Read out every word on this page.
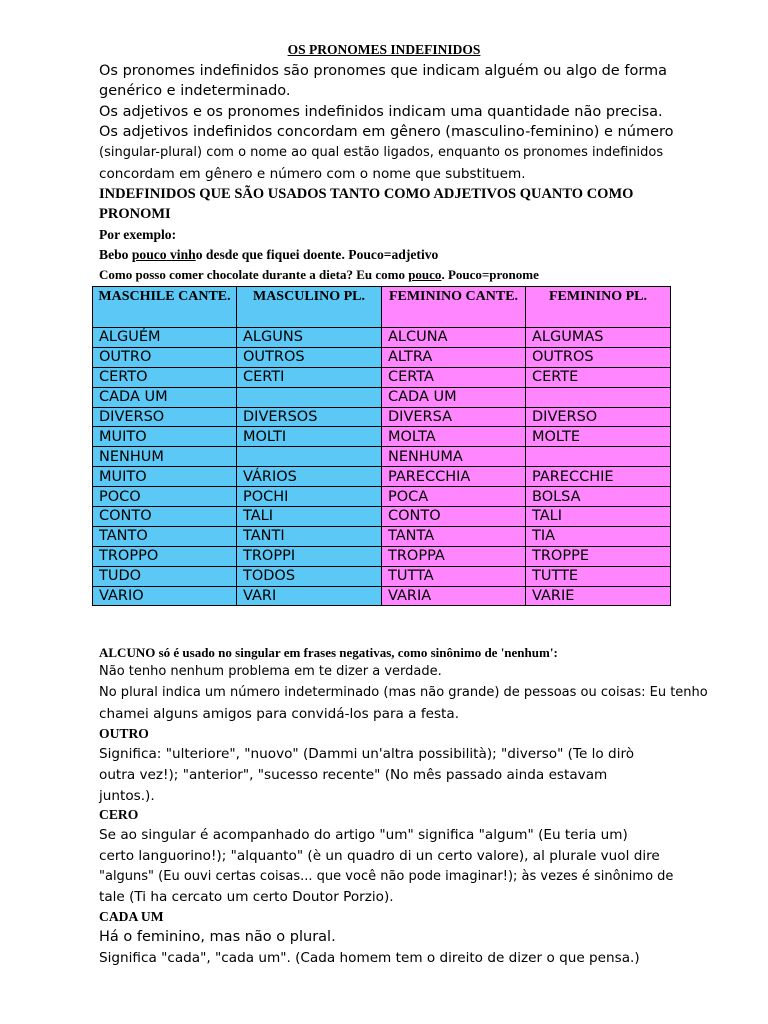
OS PRONOMES INDEFINIDOS
Os pronomes indefinidos são pronomes que indicam alguém ou algo de forma
genérico e indeterminado.
Os adjetivos e os pronomes indefinidos indicam uma quantidade não precisa.
Os adjetivos indefinidos concordam em gênero (masculino-feminino) e número
(singular-plural) com o nome ao qual estão ligados, enquanto os pronomes indefinidos
concordam em gênero e número com o nome que substituem.
INDEFINIDOS QUE SÃO USADOS TANTO COMO ADJETIVOS QUANTO COMO
PRONOMI
Por exemplo:
Bebo pouco vinho desde que fiquei doente. Pouco=adjetivo
Como posso comer chocolate durante a dieta? Eu como pouco. Pouco=pronome
MASCHILE CANTE.	MASCULINO PL.	FEMININO CANTE.	FEMININO PL.
ALGUÉM	ALGUNS	ALCUNA	ALGUMAS
OUTRO	OUTROS	ALTRA	OUTROS
CERTO	CERTI	CERTA	CERTE
CADA UM		CADA UM	
DIVERSO	DIVERSOS	DIVERSA	DIVERSO
MUITO	MOLTI	MOLTA	MOLTE
NENHUM		NENHUMA	
MUITO	VÁRIOS	PARECCHIA	PARECCHIE
POCO	POCHI	POCA	BOLSA
CONTO	TALI	CONTO	TALI
TANTO	TANTI	TANTA	TIA
TROPPO	TROPPI	TROPPA	TROPPE
TUDO	TODOS	TUTTA	TUTTE
VARIO	VARI	VARIA	VARIE
ALCUNO só é usado no singular em frases negativas, como sinônimo de 'nenhum':
Não tenho nenhum problema em te dizer a verdade.
No plural indica um número indeterminado (mas não grande) de pessoas ou coisas: Eu tenho
chamei alguns amigos para convidá-los para a festa.
OUTRO
Significa: "ulteriore", "nuovo" (Dammi un'altra possibilità); "diverso" (Te lo dirò
outra vez!); "anterior", "sucesso recente" (No mês passado ainda estavam
juntos.).
CERO
Se ao singular é acompanhado do artigo "um" significa "algum" (Eu teria um)
certo languorino!); "alquanto" (è un quadro di un certo valore), al plurale vuol dire
"alguns" (Eu ouvi certas coisas... que você não pode imaginar!); às vezes é sinônimo de
tale (Ti ha cercato um certo Doutor Porzio).
CADA UM
Há o feminino, mas não o plural.
Significa "cada", "cada um". (Cada homem tem o direito de dizer o que pensa.)
